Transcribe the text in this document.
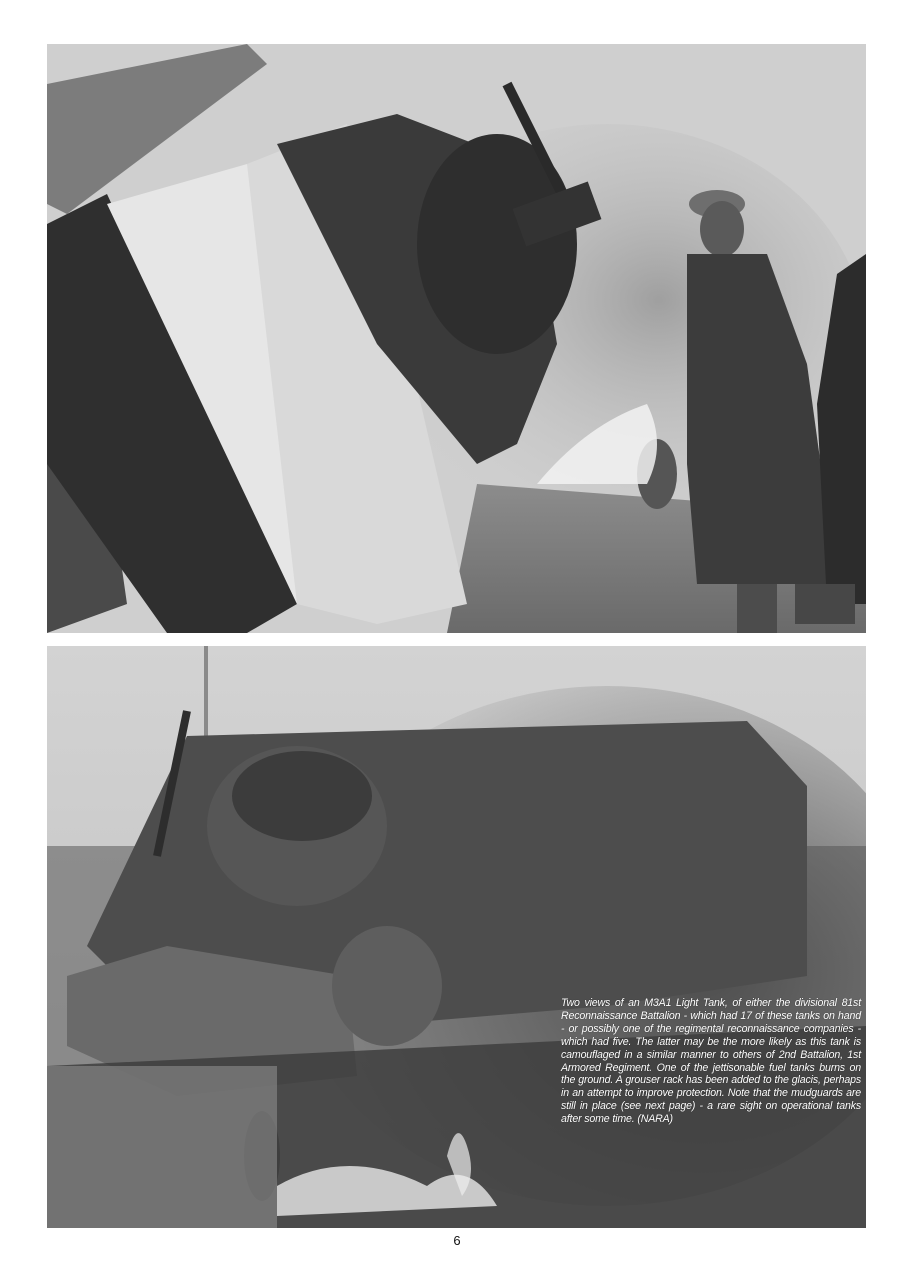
Two views of an M3A1 Light Tank, of either the divisional 81st Reconnaissance Battalion - which had 17 of these tanks on hand - or possibly one of the regimental reconnaissance companies - which had five. The latter may be the more likely as this tank is camouflaged in a similar manner to others of 2nd Battalion, 1st Armored Regiment. One of the jettisonable fuel tanks burns on the ground. A grouser rack has been added to the glacis, perhaps in an attempt to improve protection. Note that the mudguards are still in place (see next page) - a rare sight on operational tanks after some time. (NARA)
6
